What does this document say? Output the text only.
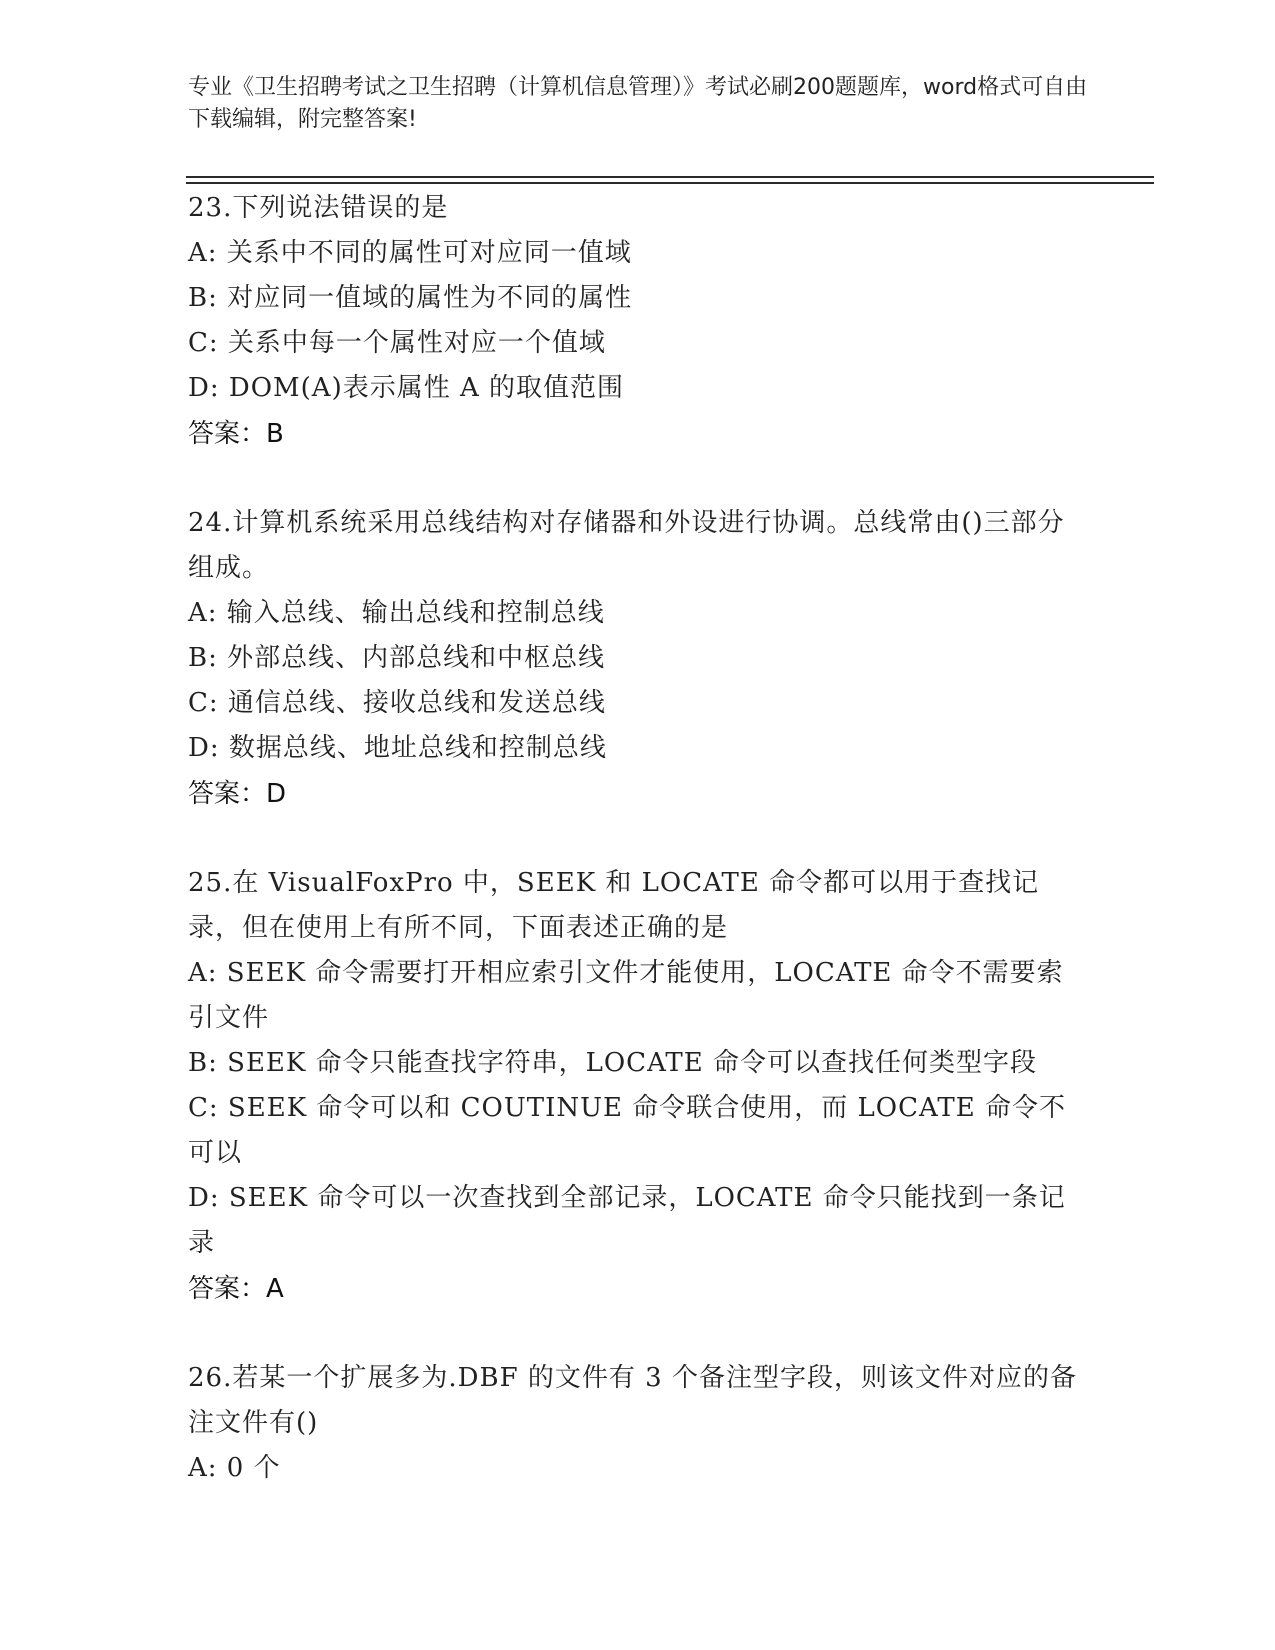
专业《卫生招聘考试之卫生招聘（计算机信息管理）》考试必刷200题题库，word格式可自由下载编辑，附完整答案!
23.下列说法错误的是
A: 关系中不同的属性可对应同一值域
B: 对应同一值域的属性为不同的属性
C: 关系中每一个属性对应一个值域
D: DOM(A)表示属性 A 的取值范围
答案：B
24.计算机系统采用总线结构对存储器和外设进行协调。总线常由()三部分组成。
A: 输入总线、输出总线和控制总线
B: 外部总线、内部总线和中枢总线
C: 通信总线、接收总线和发送总线
D: 数据总线、地址总线和控制总线
答案：D
25.在 VisualFoxPro 中，SEEK 和 LOCATE 命令都可以用于查找记录，但在使用上有所不同，下面表述正确的是
A: SEEK 命令需要打开相应索引文件才能使用，LOCATE 命令不需要索引文件
B: SEEK 命令只能查找字符串，LOCATE 命令可以查找任何类型字段
C: SEEK 命令可以和 COUTINUE 命令联合使用，而 LOCATE 命令不可以
D: SEEK 命令可以一次查找到全部记录，LOCATE 命令只能找到一条记录
答案：A
26.若某一个扩展多为.DBF 的文件有 3 个备注型字段，则该文件对应的备注文件有()
A: 0 个
